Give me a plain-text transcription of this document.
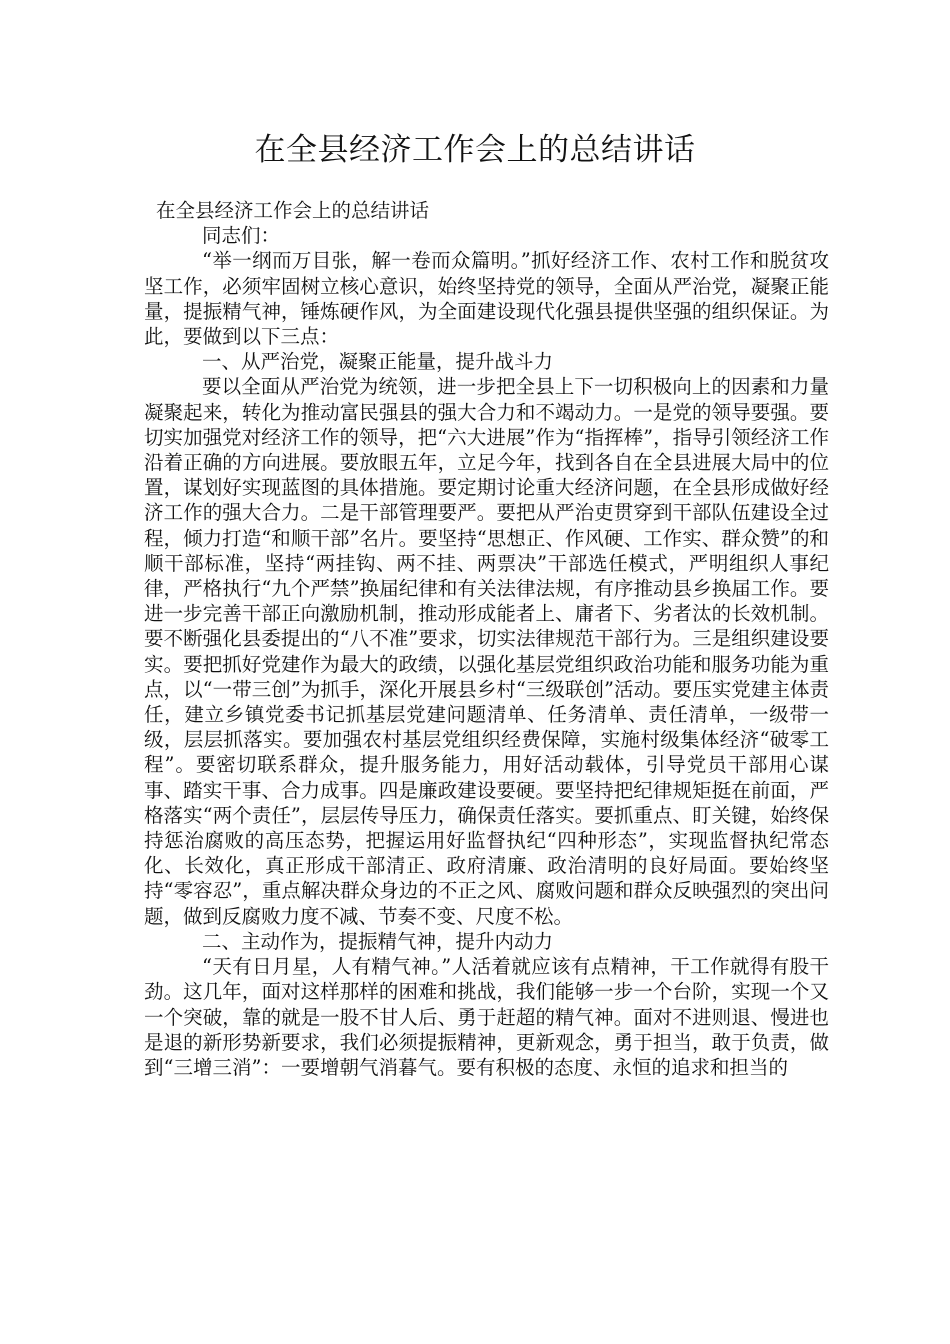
在全县经济工作会上的总结讲话

在全县经济工作会上的总结讲话

同志们：

“举一纲而万目张，解一卷而众篇明。”抓好经济工作、农村工作和脱贫攻坚工作，必须牢固树立核心意识，始终坚持党的领导，全面从严治党，凝聚正能量，提振精气神，锤炼硬作风，为全面建设现代化强县提供坚强的组织保证。为此，要做到以下三点：

一、从严治党，凝聚正能量，提升战斗力

要以全面从严治党为统领，进一步把全县上下一切积极向上的因素和力量凝聚起来，转化为推动富民强县的强大合力和不竭动力。一是党的领导要强。要切实加强党对经济工作的领导，把“六大进展”作为“指挥棒”，指导引领经济工作沿着正确的方向进展。要放眼五年，立足今年，找到各自在全县进展大局中的位置，谋划好实现蓝图的具体措施。要定期讨论重大经济问题，在全县形成做好经济工作的强大合力。二是干部管理要严。要把从严治吏贯穿到干部队伍建设全过程，倾力打造“和顺干部”名片。要坚持“思想正、作风硬、工作实、群众赞”的和顺干部标准，坚持“两挂钩、两不挂、两票决”干部选任模式，严明组织人事纪律，严格执行“九个严禁”换届纪律和有关法律法规，有序推动县乡换届工作。要进一步完善干部正向激励机制，推动形成能者上、庸者下、劣者汰的长效机制。要不断强化县委提出的“八不准”要求，切实法律规范干部行为。三是组织建设要实。要把抓好党建作为最大的政绩，以强化基层党组织政治功能和服务功能为重点，以“一带三创”为抓手，深化开展县乡村“三级联创”活动。要压实党建主体责任，建立乡镇党委书记抓基层党建问题清单、任务清单、责任清单，一级带一级，层层抓落实。要加强农村基层党组织经费保障，实施村级集体经济“破零工程”。要密切联系群众，提升服务能力，用好活动载体，引导党员干部用心谋事、踏实干事、合力成事。四是廉政建设要硬。要坚持把纪律规矩挺在前面，严格落实“两个责任”，层层传导压力，确保责任落实。要抓重点、盯关键，始终保持惩治腐败的高压态势，把握运用好监督执纪“四种形态”，实现监督执纪常态化、长效化，真正形成干部清正、政府清廉、政治清明的良好局面。要始终坚持“零容忍”，重点解决群众身边的不正之风、腐败问题和群众反映强烈的突出问题，做到反腐败力度不减、节奏不变、尺度不松。

二、主动作为，提振精气神，提升内动力

“天有日月星，人有精气神。”人活着就应该有点精神，干工作就得有股干劲。这几年，面对这样那样的困难和挑战，我们能够一步一个台阶，实现一个又一个突破，靠的就是一股不甘人后、勇于赶超的精气神。面对不进则退、慢进也是退的新形势新要求，我们必须提振精神，更新观念，勇于担当，敢于负责，做到“三增三消”：一要增朝气消暮气。要有积极的态度、永恒的追求和担当的
